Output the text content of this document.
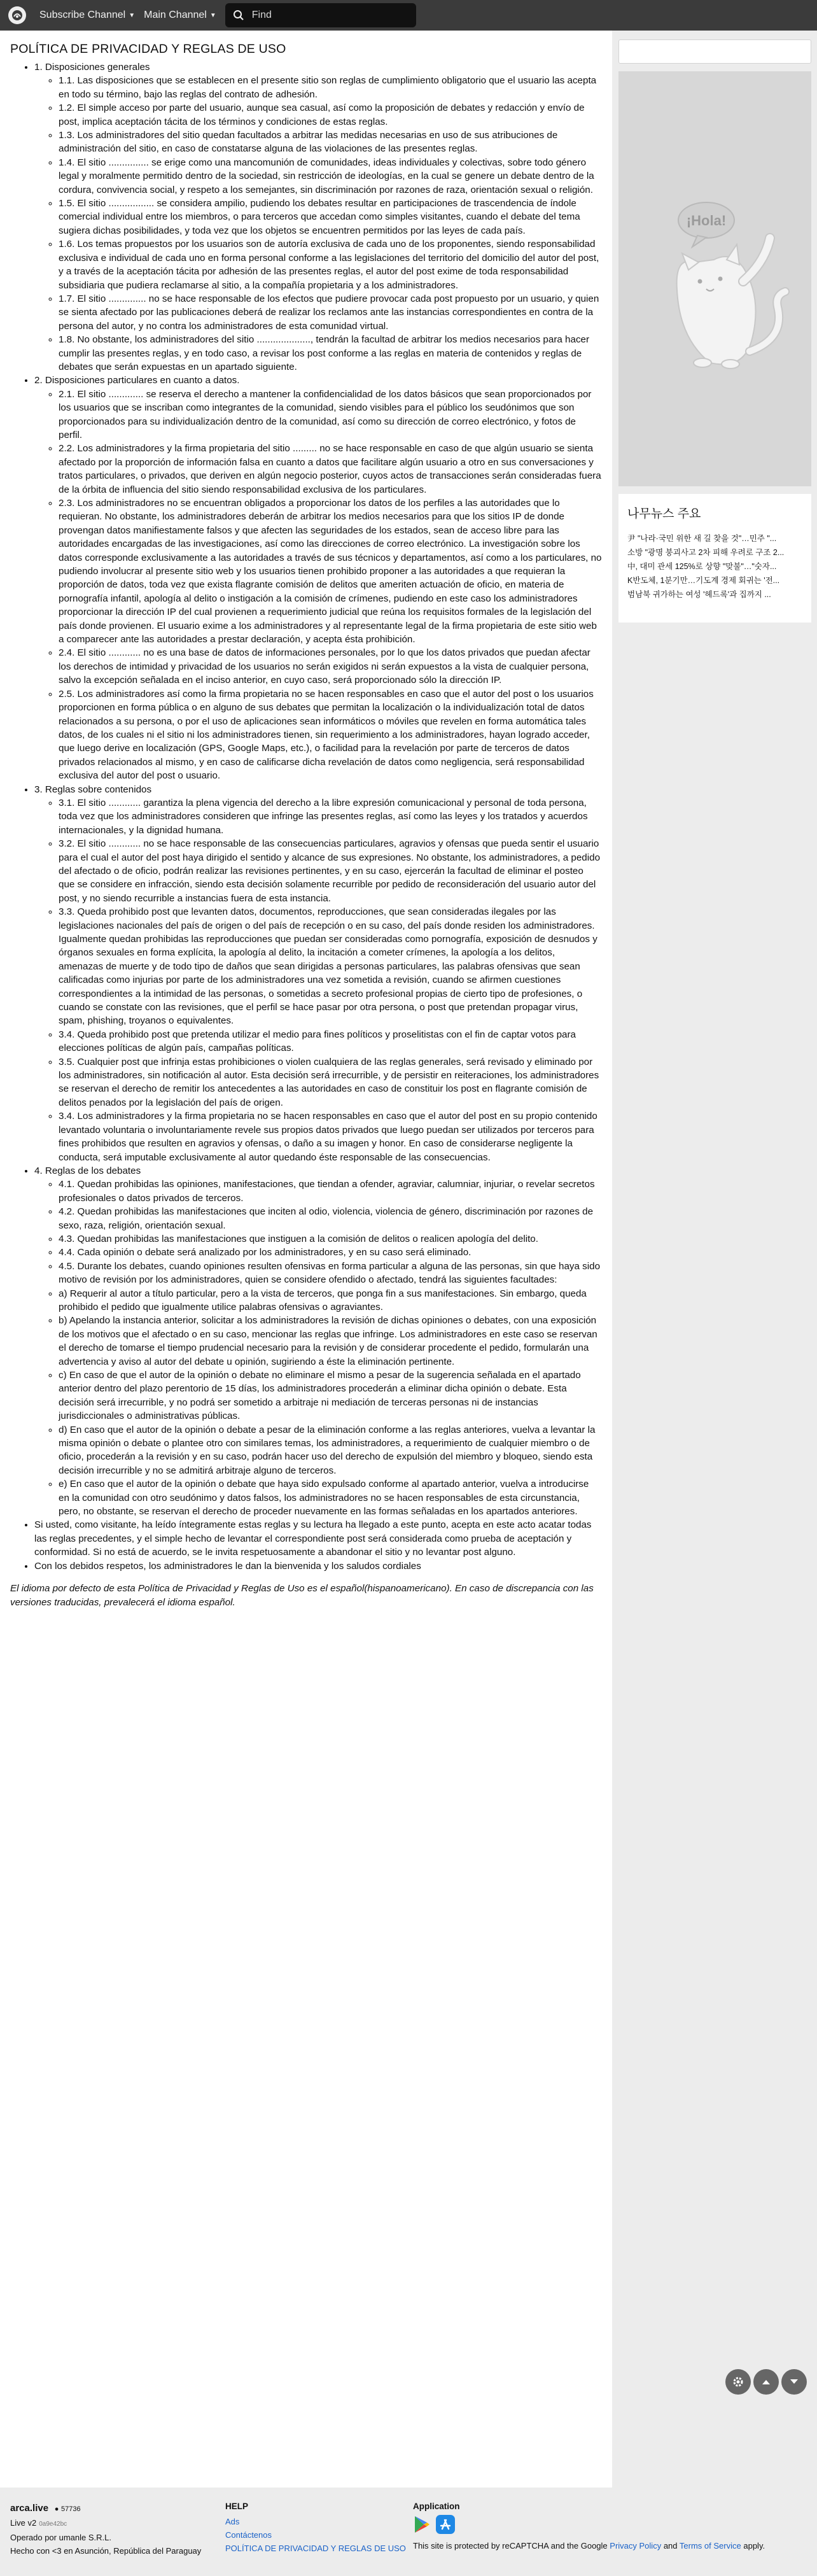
Subscribe Channel ▼ Main Channel ▼
Find
POLÍTICA DE PRIVACIDAD Y REGLAS DE USO
• 1. Disposiciones generales
◦ 1.1. Las disposiciones que se establecen en el presente sitio son reglas de cumplimiento obligatorio que el usuario las acepta en todo su término, bajo las reglas del contrato de adhesión.
◦ 1.2. El simple acceso por parte del usuario, aunque sea casual, así como la proposición de debates y redacción y envío de post, implica aceptación tácita de los términos y condiciones de estas reglas.
◦ 1.3. Los administradores del sitio quedan facultados a arbitrar las medidas necesarias en uso de sus atribuciones de administración del sitio, en caso de constatarse alguna de las violaciones de las presentes reglas.
◦ 1.4. El sitio ............... se erige como una mancomunión de comunidades, ideas individuales y colectivas, sobre todo género legal y moralmente permitido dentro de la sociedad, sin restricción de ideologías, en la cual se genere un debate dentro de la cordura, convivencia social, y respeto a los semejantes, sin discriminación por razones de raza, orientación sexual o religión.
◦ 1.5. El sitio ................. se considera ampilio, pudiendo los debates resultar en participaciones de trascendencia de índole comercial individual entre los miembros, o para terceros que accedan como simples visitantes, cuando el debate del tema sugiera dichas posibilidades, y toda vez que los objetos se encuentren permitidos por las leyes de cada país.
◦ 1.6. Los temas propuestos por los usuarios son de autoría exclusiva de cada uno de los proponentes, siendo responsabilidad exclusiva e individual de cada uno en forma personal conforme a las legislaciones del territorio del domicilio del autor del post, y a través de la aceptación tácita por adhesión de las presentes reglas, el autor del post exime de toda responsabilidad subsidiaria que pudiera reclamarse al sitio, a la compañía propietaria y a los administradores.
◦ 1.7. El sitio .............. no se hace responsable de los efectos que pudiere provocar cada post propuesto por un usuario, y quien se sienta afectado por las publicaciones deberá de realizar los reclamos ante las instancias correspondientes en contra de la persona del autor, y no contra los administradores de esta comunidad virtual.
◦ 1.8. No obstante, los administradores del sitio ...................., tendrán la facultad de arbitrar los medios necesarios para hacer cumplir las presentes reglas, y en todo caso, a revisar los post conforme a las reglas en materia de contenidos y reglas de debates que serán expuestas en un apartado siguiente.
• 2. Disposiciones particulares en cuanto a datos.
◦ 2.1. El sitio ............. se reserva el derecho a mantener la confidencialidad de los datos básicos que sean proporcionados por los usuarios que se inscriban como integrantes de la comunidad, siendo visibles para el público los seudónimos que son proporcionados para su individualización dentro de la comunidad, así como su dirección de correo electrónico, y fotos de perfil.
◦ 2.2. Los administradores y la firma propietaria del sitio ......... no se hace responsable en caso de que algún usuario se sienta afectado por la proporción de información falsa en cuanto a datos que facilitare algún usuario a otro en sus conversaciones y tratos particulares, o privados, que deriven en algún negocio posterior, cuyos actos de transacciones serán consideradas fuera de la órbita de influencia del sitio siendo responsabilidad exclusiva de los particulares.
◦ 2.3. Los administradores no se encuentran obligados a proporcionar los datos de los perfiles a las autoridades que lo requieran. No obstante, los administradores deberán de arbitrar los medios necesarios para que los sitios IP de donde provengan datos manifiestamente falsos y que afecten las seguridades de los estados, sean de acceso libre para las autoridades encargadas de las investigaciones, así como las direcciones de correo electrónico. La investigación sobre los datos corresponde exclusivamente a las autoridades a través de sus técnicos y departamentos, así como a los particulares, no pudiendo involucrar al presente sitio web y los usuarios tienen prohibido proponer a las autoridades a que requieran la proporción de datos, toda vez que exista flagrante comisión de delitos que ameriten actuación de oficio, en materia de pornografía infantil, apología al delito o instigación a la comisión de crímenes, pudiendo en este caso los administradores proporcionar la dirección IP del cual provienen a requerimiento judicial que reúna los requisitos formales de la legislación del país donde provienen. El usuario exime a los administradores y al representante legal de la firma propietaria de este sitio web a comparecer ante las autoridades a prestar declaración, y acepta ésta prohibición.
◦ 2.4. El sitio ............ no es una base de datos de informaciones personales, por lo que los datos privados que puedan afectar los derechos de intimidad y privacidad de los usuarios no serán exigidos ni serán expuestos a la vista de cualquier persona, salvo la excepción señalada en el inciso anterior, en cuyo caso, será proporcionado sólo la dirección IP.
◦ 2.5. Los administradores así como la firma propietaria no se hacen responsables en caso que el autor del post o los usuarios proporcionen en forma pública o en alguno de sus debates que permitan la localización o la individualización total de datos relacionados a su persona, o por el uso de aplicaciones sean informáticos o móviles que revelen en forma automática tales datos, de los cuales ni el sitio ni los administradores tienen, sin requerimiento a los administradores, hayan logrado acceder, que luego derive en localización (GPS, Google Maps, etc.), o facilidad para la revelación por parte de terceros de datos privados relacionados al mismo, y en caso de calificarse dicha revelación de datos como negligencia, será responsabilidad exclusiva del autor del post o usuario.
• 3. Reglas sobre contenidos
◦ 3.1. El sitio ............ garantiza la plena vigencia del derecho a la libre expresión comunicacional y personal de toda persona, toda vez que los administradores consideren que infringe las presentes reglas, así como las leyes y los tratados y acuerdos internacionales, y la dignidad humana.
◦ 3.2. El sitio ............ no se hace responsable de las consecuencias particulares, agravios y ofensas que pueda sentir el usuario para el cual el autor del post haya dirigido el sentido y alcance de sus expresiones. No obstante, los administradores, a pedido del afectado o de oficio, podrán realizar las revisiones pertinentes, y en su caso, ejercerán la facultad de eliminar el posteo que se considere en infracción, siendo esta decisión solamente recurrible por pedido de reconsideración del usuario autor del post, y no siendo recurrible a instancias fuera de esta instancia.
◦ 3.3. Queda prohibido post que levanten datos, documentos, reproducciones, que sean consideradas ilegales por las legislaciones nacionales del país de origen o del país de recepción o en su caso, del país donde residen los administradores. Igualmente quedan prohibidas las reproducciones que puedan ser consideradas como pornografía, exposición de desnudos y órganos sexuales en forma explícita, la apología al delito, la incitación a cometer crímenes, la apología a los delitos, amenazas de muerte y de todo tipo de daños que sean dirigidas a personas particulares, las palabras ofensivas que sean calificadas como injurias por parte de los administradores una vez sometida a revisión, cuando se afirmen cuestiones correspondientes a la intimidad de las personas, o sometidas a secreto profesional propias de cierto tipo de profesiones, o cuando se constate con las revisiones, que el perfil se hace pasar por otra persona, o post que pretendan propagar virus, spam, phishing, troyanos o equivalentes.
◦ 3.4. Queda prohibido post que pretenda utilizar el medio para fines políticos y proselitistas con el fin de captar votos para elecciones políticas de algún país, campañas políticas.
◦ 3.5. Cualquier post que infrinja estas prohibiciones o violen cualquiera de las reglas generales, será revisado y eliminado por los administradores, sin notificación al autor. Esta decisión será irrecurrible, y de persistir en reiteraciones, los administradores se reservan el derecho de remitir los antecedentes a las autoridades en caso de constituir los post en flagrante comisión de delitos penados por la legislación del país de origen.
◦ 3.4. Los administradores y la firma propietaria no se hacen responsables en caso que el autor del post en su propio contenido levantado voluntaria o involuntariamente revele sus propios datos privados que luego puedan ser utilizados por terceros para fines prohibidos que resulten en agravios y ofensas, o daño a su imagen y honor. En caso de considerarse negligente la conducta, será imputable exclusivamente al autor quedando éste responsable de las consecuencias.
• 4. Reglas de los debates
◦ 4.1. Quedan prohibidas las opiniones, manifestaciones, que tiendan a ofender, agraviar, calumniar, injuriar, o revelar secretos profesionales o datos privados de terceros.
◦ 4.2. Quedan prohibidas las manifestaciones que inciten al odio, violencia, violencia de género, discriminación por razones de sexo, raza, religión, orientación sexual.
◦ 4.3. Quedan prohibidas las manifestaciones que instiguen a la comisión de delitos o realicen apología del delito.
◦ 4.4. Cada opinión o debate será analizado por los administradores, y en su caso será eliminado.
◦ 4.5. Durante los debates, cuando opiniones resulten ofensivas en forma particular a alguna de las personas, sin que haya sido motivo de revisión por los administradores, quien se considere ofendido o afectado, tendrá las siguientes facultades:
◦ a) Requerir al autor a título particular, pero a la vista de terceros, que ponga fin a sus manifestaciones. Sin embargo, queda prohibido el pedido que igualmente utilice palabras ofensivas o agraviantes.
◦ b) Apelando la instancia anterior, solicitar a los administradores la revisión de dichas opiniones o debates, con una exposición de los motivos que el afectado o en su caso, mencionar las reglas que infringe. Los administradores en este caso se reservan el derecho de tomarse el tiempo prudencial necesario para la revisión y de considerar procedente el pedido, formularán una advertencia y aviso al autor del debate u opinión, sugiriendo a éste la eliminación pertinente.
◦ c) En caso de que el autor de la opinión o debate no eliminare el mismo a pesar de la sugerencia señalada en el apartado anterior dentro del plazo perentorio de 15 días, los administradores procederán a eliminar dicha opinión o debate. Esta decisión será irrecurrible, y no podrá ser sometido a arbitraje ni mediación de terceras personas ni de instancias jurisdiccionales o administrativas públicas.
◦ d) En caso que el autor de la opinión o debate a pesar de la eliminación conforme a las reglas anteriores, vuelva a levantar la misma opinión o debate o plantee otro con similares temas, los administradores, a requerimiento de cualquier miembro o de oficio, procederán a la revisión y en su caso, podrán hacer uso del derecho de expulsión del miembro y bloqueo, siendo esta decisión irrecurrible y no se admitirá arbitraje alguno de terceros.
◦ e) En caso que el autor de la opinión o debate que haya sido expulsado conforme al apartado anterior, vuelva a introducirse en la comunidad con otro seudónimo y datos falsos, los administradores no se hacen responsables de esta circunstancia, pero, no obstante, se reservan el derecho de proceder nuevamente en las formas señaladas en los apartados anteriores.
• Si usted, como visitante, ha leído íntegramente estas reglas y su lectura ha llegado a este punto, acepta en este acto acatar todas las reglas precedentes, y el simple hecho de levantar el correspondiente post será considerada como prueba de aceptación y conformidad. Si no está de acuerdo, se le invita respetuosamente a abandonar el sitio y no levantar post alguno.
• Con los debidos respetos, los administradores le dan la bienvenida y los saludos cordiales

El idioma por defecto de esta Política de Privacidad y Reglas de Uso es el español(hispanoamericano). En caso de discrepancia con las versiones traducidas, prevalecerá el idioma español.

¡Hola!
나무뉴스 주요
尹 "나라·국민 위한 새 길 찾을 것"…민주 "...
소방 "광명 붕괴사고 2차 피해 우려로 구조 2...
中, 대미 관세 125%로 상향 "맞불"…"숫자...
K반도체, 1분기만…기도계 경제 회귀는 '전...
범남북 귀가하는 여성 '헤드록'과 집까지 ...
arca.live ● 57736
Live v2 0a9e42bc
Operado por umanle S.R.L.
Hecho con <3 en Asunción, República del Paraguay
HELP
Ads
Contáctenos
POLÍTICA DE PRIVACIDAD Y REGLAS DE USO
Application
This site is protected by reCAPTCHA and the Google Privacy Policy and Terms of Service apply.
